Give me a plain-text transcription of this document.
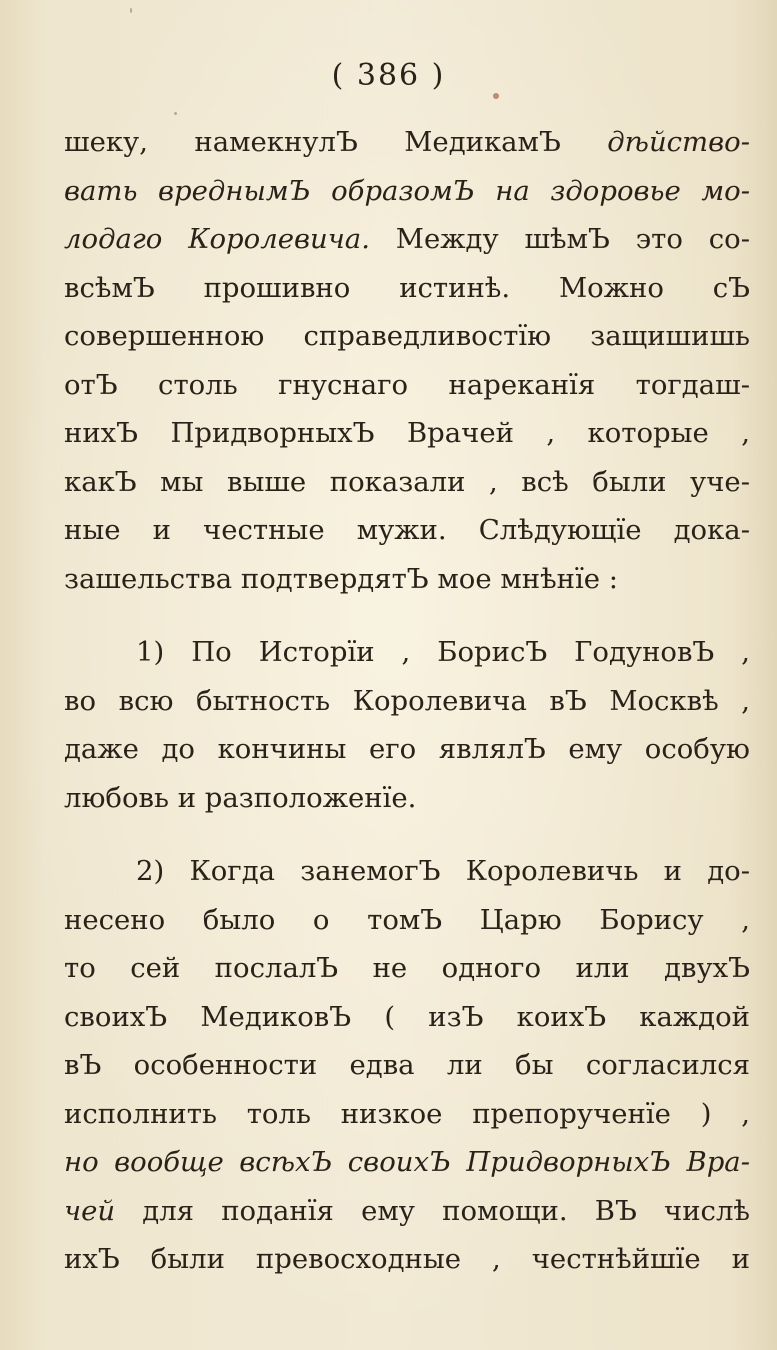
( 386 )
шеку, намекнулЪ МедикамЪ дѣйство-
вать вреднымЪ образомЪ на здоровье мо-
лодаго Королевича. Между шѣмЪ это со-
всѣмЪ прошивно истинѣ. Можно сЪ
совершенною справедливостїю защишишь
отЪ столь гнуснаго нареканїя тогдаш-
нихЪ ПридворныхЪ Врачей , которые ,
какЪ мы выше показали , всѣ были уче-
ные и честные мужи. Слѣдующїе дока-
зашельства подтвердятЪ мое мнѣнїе :
1) По Исторїи , БорисЪ ГодуновЪ ,
во всю бытность Королевича вЪ Москвѣ ,
даже до кончины его являлЪ ему особую
любовь и разположенїе.
2) Когда занемогЪ Королевичь и до-
несено было о томЪ Царю Борису ,
то сей послалЪ не одного или двухЪ
своихЪ МедиковЪ ( изЪ коихЪ каждой
вЪ особенности едва ли бы согласился
исполнить толь низкое препорученїе ) ,
но вообще всѣхЪ своихЪ ПридворныхЪ Вра-
чей для поданїя ему помощи. ВЪ числѣ
ихЪ были превосходные , честнѣйшїе и
